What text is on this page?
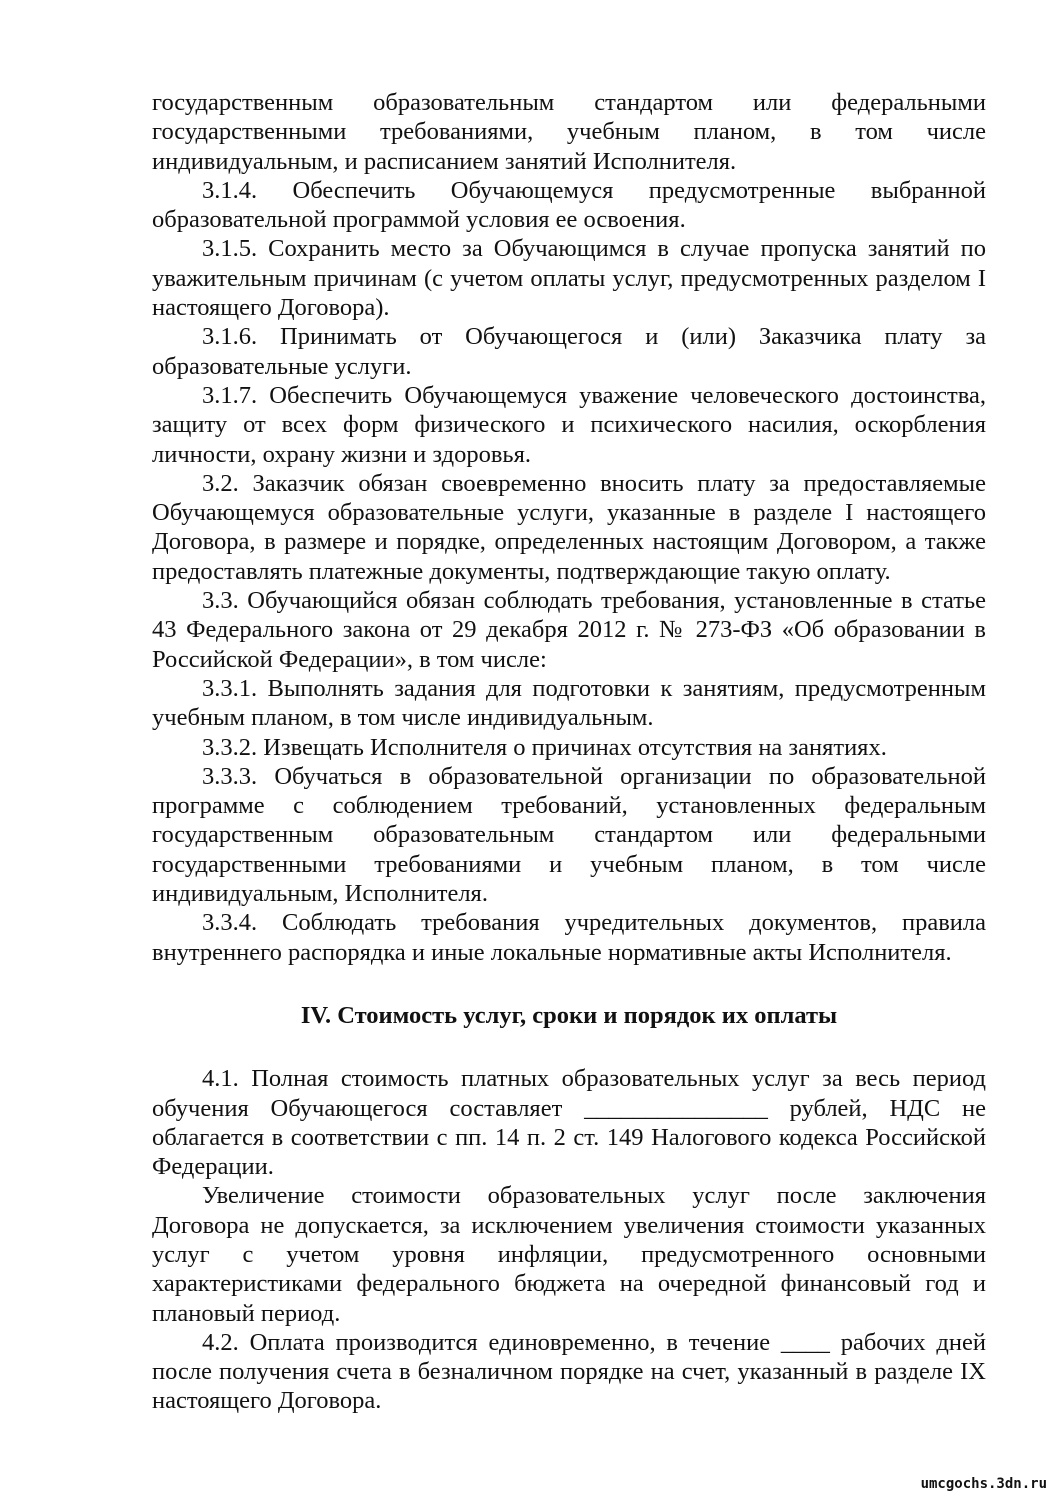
государственным образовательным стандартом или федеральными государственными требованиями, учебным планом, в том числе индивидуальным, и расписанием занятий Исполнителя.

3.1.4. Обеспечить Обучающемуся предусмотренные выбранной образовательной программой условия ее освоения.

3.1.5. Сохранить место за Обучающимся в случае пропуска занятий по уважительным причинам (с учетом оплаты услуг, предусмотренных разделом I настоящего Договора).

3.1.6. Принимать от Обучающегося и (или) Заказчика плату за образовательные услуги.

3.1.7. Обеспечить Обучающемуся уважение человеческого достоинства, защиту от всех форм физического и психического насилия, оскорбления личности, охрану жизни и здоровья.

3.2. Заказчик обязан своевременно вносить плату за предоставляемые Обучающемуся образовательные услуги, указанные в разделе I настоящего Договора, в размере и порядке, определенных настоящим Договором, а также предоставлять платежные документы, подтверждающие такую оплату.

3.3. Обучающийся обязан соблюдать требования, установленные в статье 43 Федерального закона от 29 декабря 2012 г. № 273-ФЗ «Об образовании в Российской Федерации», в том числе:

3.3.1. Выполнять задания для подготовки к занятиям, предусмотренным учебным планом, в том числе индивидуальным.

3.3.2. Извещать Исполнителя о причинах отсутствия на занятиях.

3.3.3. Обучаться в образовательной организации по образовательной программе с соблюдением требований, установленных федеральным государственным образовательным стандартом или федеральными государственными требованиями и учебным планом, в том числе индивидуальным, Исполнителя.

3.3.4. Соблюдать требования учредительных документов, правила внутреннего распорядка и иные локальные нормативные акты Исполнителя.

IV. Стоимость услуг, сроки и порядок их оплаты

4.1. Полная стоимость платных образовательных услуг за весь период обучения Обучающегося составляет _______________ рублей, НДС не облагается в соответствии с пп. 14 п. 2 ст. 149 Налогового кодекса Российской Федерации.

Увеличение стоимости образовательных услуг после заключения Договора не допускается, за исключением увеличения стоимости указанных услуг с учетом уровня инфляции, предусмотренного основными характеристиками федерального бюджета на очередной финансовый год и плановый период.

4.2. Оплата производится единовременно, в течение ____ рабочих дней после получения счета в безналичном порядке на счет, указанный в разделе IX настоящего Договора.

umcgochs.3dn.ru
